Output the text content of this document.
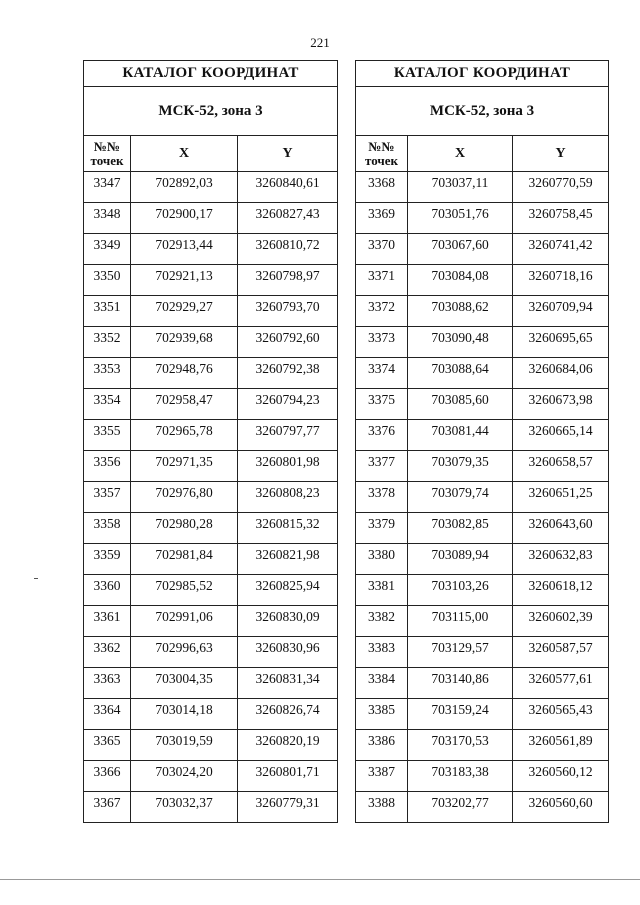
221
КАТАЛОГ КООРДИНАТ		
МСК-52, зона 3		
№№
точек	X	Y
3347	702892,03	3260840,61
3348	702900,17	3260827,43
3349	702913,44	3260810,72
3350	702921,13	3260798,97
3351	702929,27	3260793,70
3352	702939,68	3260792,60
3353	702948,76	3260792,38
3354	702958,47	3260794,23
3355	702965,78	3260797,77
3356	702971,35	3260801,98
3357	702976,80	3260808,23
3358	702980,28	3260815,32
3359	702981,84	3260821,98
3360	702985,52	3260825,94
3361	702991,06	3260830,09
3362	702996,63	3260830,96
3363	703004,35	3260831,34
3364	703014,18	3260826,74
3365	703019,59	3260820,19
3366	703024,20	3260801,71
3367	703032,37	3260779,31
КАТАЛОГ КООРДИНАТ		
МСК-52, зона 3		
№№
точек	X	Y
3368	703037,11	3260770,59
3369	703051,76	3260758,45
3370	703067,60	3260741,42
3371	703084,08	3260718,16
3372	703088,62	3260709,94
3373	703090,48	3260695,65
3374	703088,64	3260684,06
3375	703085,60	3260673,98
3376	703081,44	3260665,14
3377	703079,35	3260658,57
3378	703079,74	3260651,25
3379	703082,85	3260643,60
3380	703089,94	3260632,83
3381	703103,26	3260618,12
3382	703115,00	3260602,39
3383	703129,57	3260587,57
3384	703140,86	3260577,61
3385	703159,24	3260565,43
3386	703170,53	3260561,89
3387	703183,38	3260560,12
3388	703202,77	3260560,60
